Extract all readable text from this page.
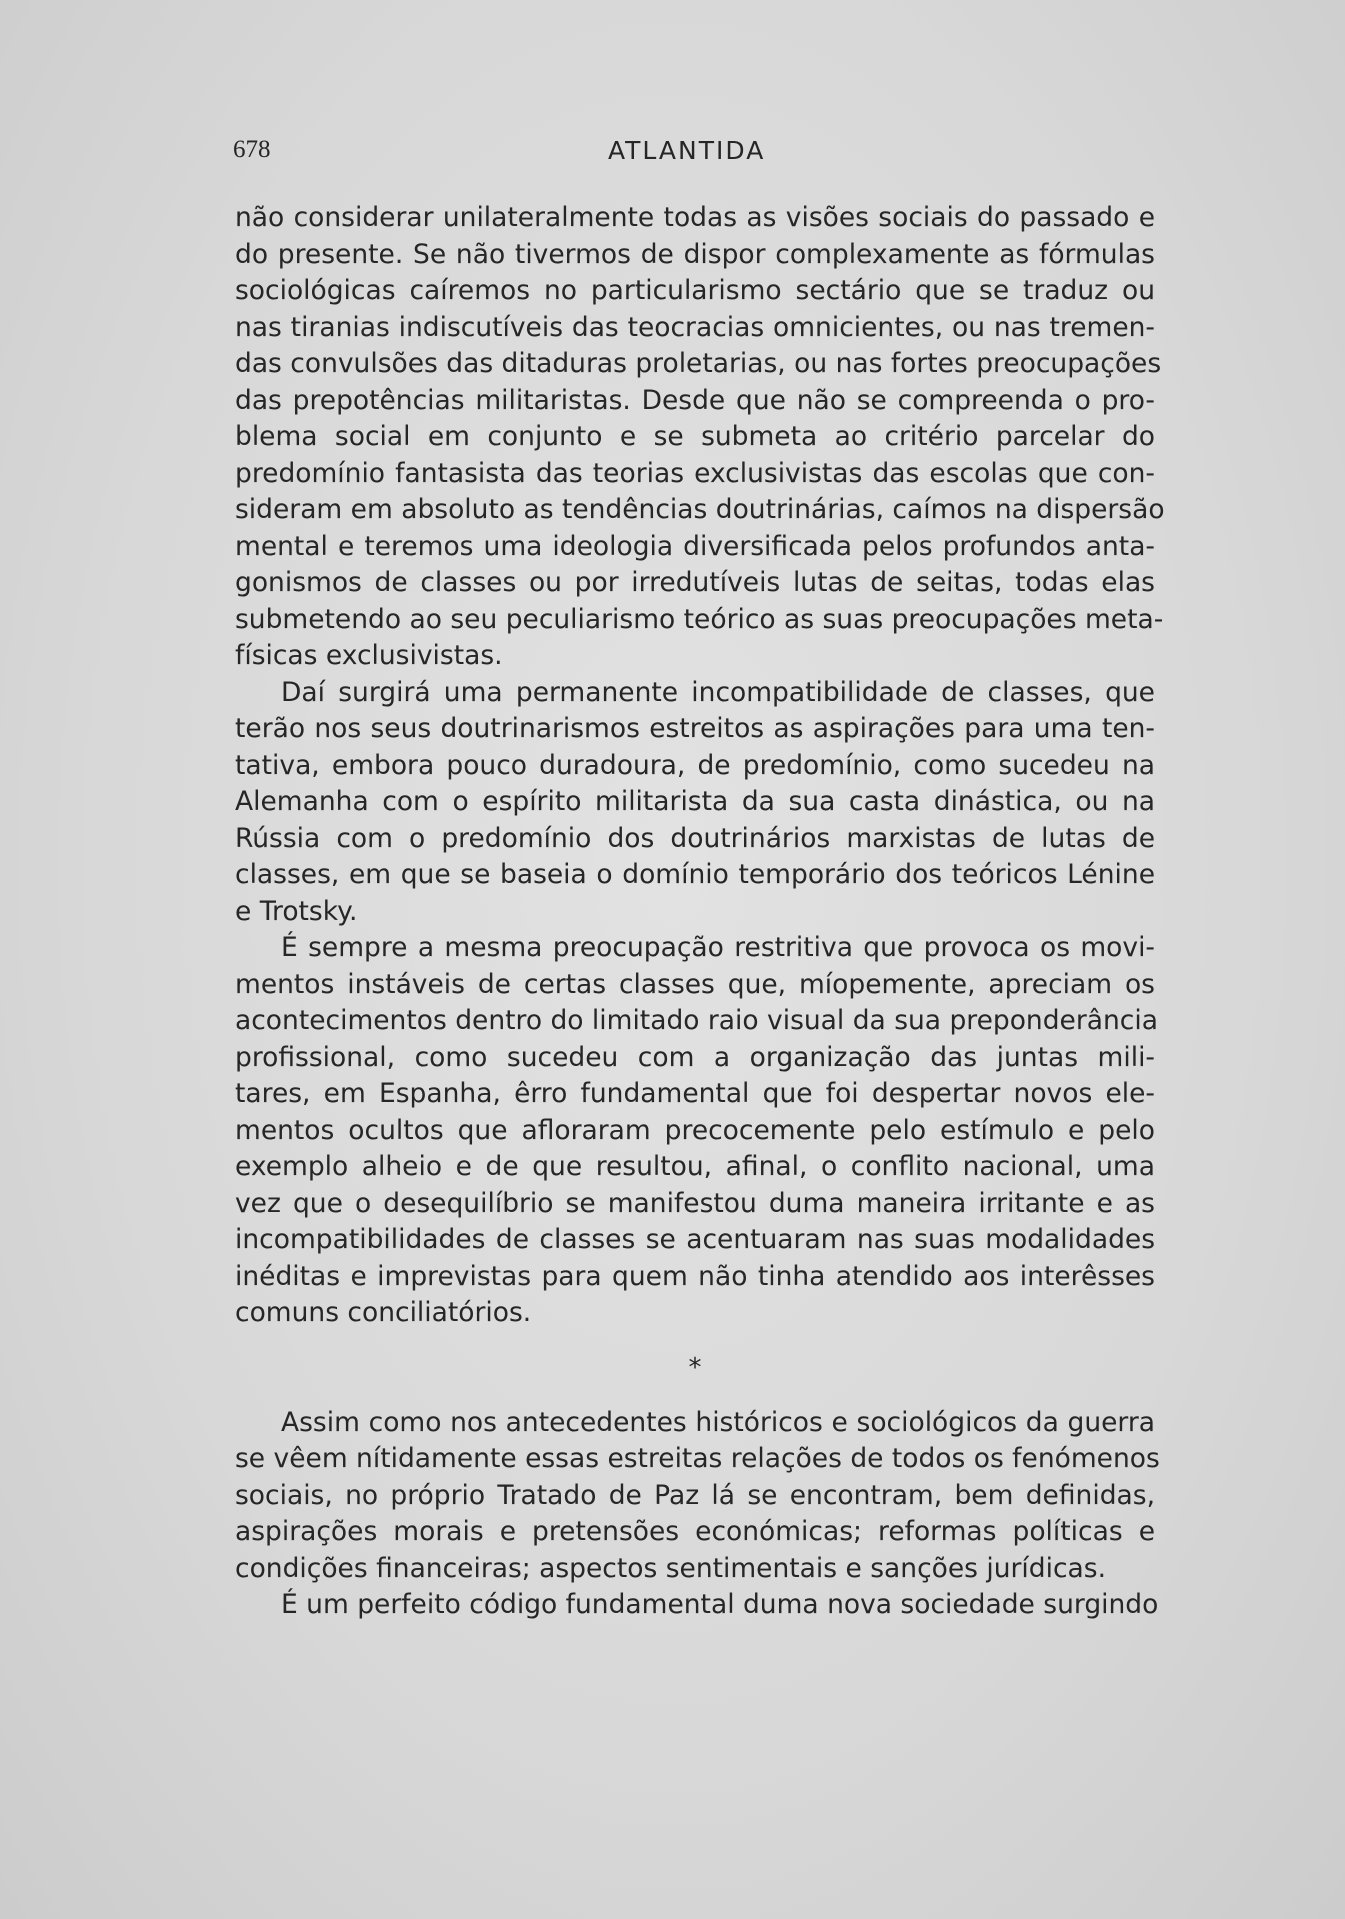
678	ATLANTIDA
não considerar unilateralmente todas as visões sociais do passado e
do presente. Se não tivermos de dispor complexamente as fórmulas
sociológicas caíremos no particularismo sectário que se traduz ou
nas tiranias indiscutíveis das teocracias omnicientes, ou nas tremen-
das convulsões das ditaduras proletarias, ou nas fortes preocupações
das prepotências militaristas. Desde que não se compreenda o pro-
blema social em conjunto e se submeta ao critério parcelar do
predomínio fantasista das teorias exclusivistas das escolas que con-
sideram em absoluto as tendências doutrinárias, caímos na dispersão
mental e teremos uma ideologia diversificada pelos profundos anta-
gonismos de classes ou por irredutíveis lutas de seitas, todas elas
submetendo ao seu peculiarismo teórico as suas preocupações meta-
físicas exclusivistas.
Daí surgirá uma permanente incompatibilidade de classes, que
terão nos seus doutrinarismos estreitos as aspirações para uma ten-
tativa, embora pouco duradoura, de predomínio, como sucedeu na
Alemanha com o espírito militarista da sua casta dinástica, ou na
Rússia com o predomínio dos doutrinários marxistas de lutas de
classes, em que se baseia o domínio temporário dos teóricos Lénine
e Trotsky.
É sempre a mesma preocupação restritiva que provoca os movi-
mentos instáveis de certas classes que, míopemente, apreciam os
acontecimentos dentro do limitado raio visual da sua preponderância
profissional, como sucedeu com a organização das juntas mili-
tares, em Espanha, êrro fundamental que foi despertar novos ele-
mentos ocultos que afloraram precocemente pelo estímulo e pelo
exemplo alheio e de que resultou, afinal, o conflito nacional, uma
vez que o desequilíbrio se manifestou duma maneira irritante e as
incompatibilidades de classes se acentuaram nas suas modalidades
inéditas e imprevistas para quem não tinha atendido aos interêsses
comuns conciliatórios.
*
Assim como nos antecedentes históricos e sociológicos da guerra
se vêem nítidamente essas estreitas relações de todos os fenómenos
sociais, no próprio Tratado de Paz lá se encontram, bem definidas,
aspirações morais e pretensões económicas; reformas políticas e
condições financeiras; aspectos sentimentais e sanções jurídicas.
É um perfeito código fundamental duma nova sociedade surgindo
